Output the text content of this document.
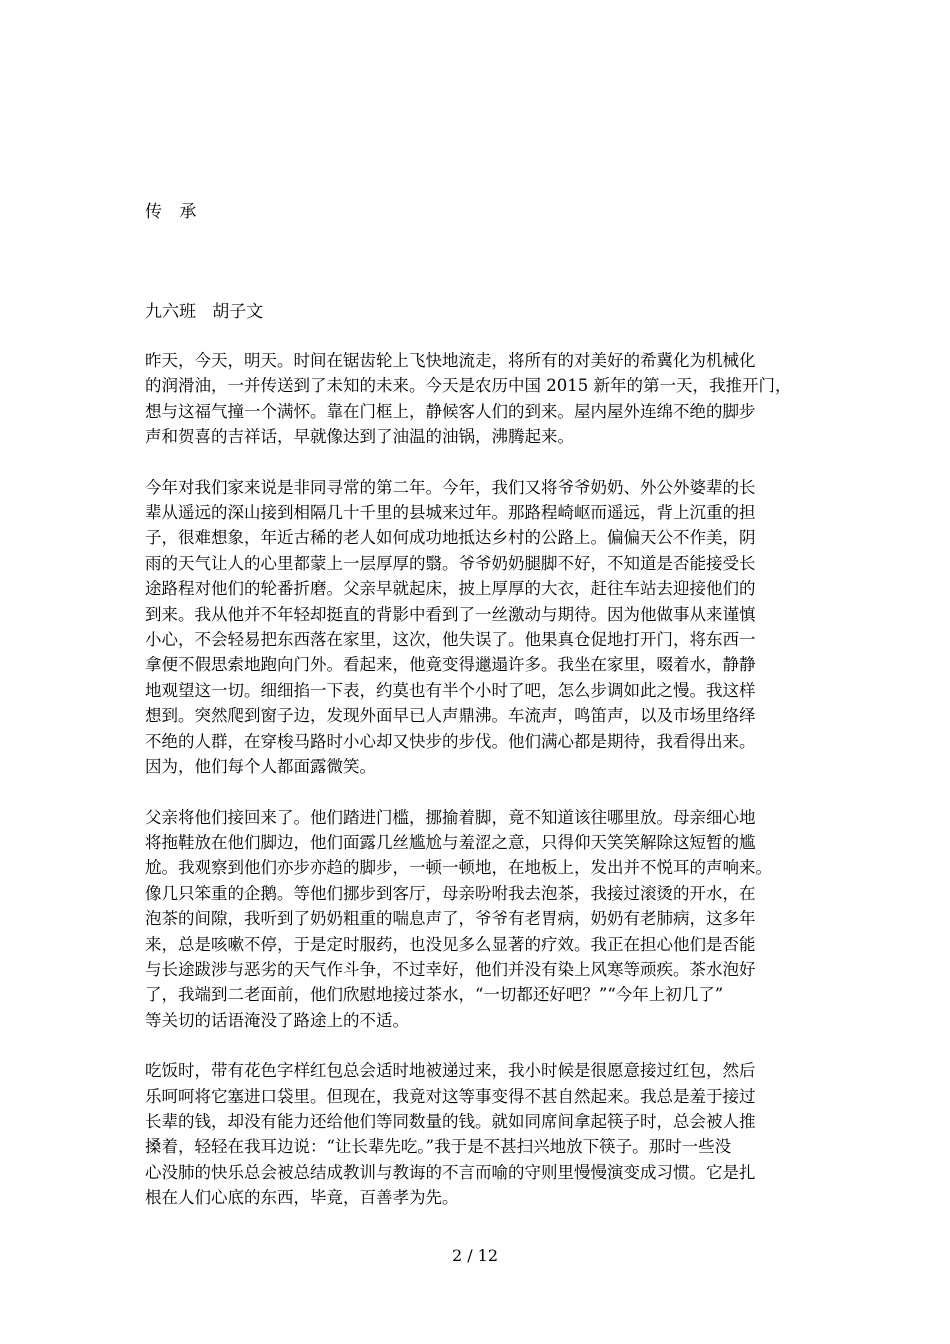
传 承
九六班   胡子文

昨天，今天，明天。时间在锯齿轮上飞快地流走，将所有的对美好的希冀化为机械化
的润滑油，一并传送到了未知的未来。今天是农历中国 2015 新年的第一天，我推开门，
想与这福气撞一个满怀。靠在门框上，静候客人们的到来。屋内屋外连绵不绝的脚步
声和贺喜的吉祥话，早就像达到了油温的油锅，沸腾起来。

今年对我们家来说是非同寻常的第二年。今年，我们又将爷爷奶奶、外公外婆辈的长
辈从遥远的深山接到相隔几十千里的县城来过年。那路程崎岖而遥远，背上沉重的担
子，很难想象，年近古稀的老人如何成功地抵达乡村的公路上。偏偏天公不作美，阴
雨的天气让人的心里都蒙上一层厚厚的翳。爷爷奶奶腿脚不好，不知道是否能接受长
途路程对他们的轮番折磨。父亲早就起床，披上厚厚的大衣，赶往车站去迎接他们的
到来。我从他并不年轻却挺直的背影中看到了一丝激动与期待。因为他做事从来谨慎
小心，不会轻易把东西落在家里，这次，他失误了。他果真仓促地打开门，将东西一
拿便不假思索地跑向门外。看起来，他竟变得邋遢许多。我坐在家里，啜着水，静静
地观望这一切。细细掐一下表，约莫也有半个小时了吧，怎么步调如此之慢。我这样
想到。突然爬到窗子边，发现外面早已人声鼎沸。车流声，鸣笛声，以及市场里络绎
不绝的人群，在穿梭马路时小心却又快步的步伐。他们满心都是期待，我看得出来。
因为，他们每个人都面露微笑。

父亲将他们接回来了。他们踏进门槛，挪揄着脚，竟不知道该往哪里放。母亲细心地
将拖鞋放在他们脚边，他们面露几丝尴尬与羞涩之意，只得仰天笑笑解除这短暂的尴
尬。我观察到他们亦步亦趋的脚步，一顿一顿地，在地板上，发出并不悦耳的声响来。
像几只笨重的企鹅。等他们挪步到客厅，母亲吩咐我去泡茶，我接过滚烫的开水，在
泡茶的间隙，我听到了奶奶粗重的喘息声了，爷爷有老胃病，奶奶有老肺病，这多年
来，总是咳嗽不停，于是定时服药，也没见多么显著的疗效。我正在担心他们是否能
与长途跋涉与恶劣的天气作斗争，不过幸好，他们并没有染上风寒等顽疾。茶水泡好
了，我端到二老面前，他们欣慰地接过茶水，“一切都还好吧？”“今年上初几了”
等关切的话语淹没了路途上的不适。

吃饭时，带有花色字样红包总会适时地被递过来，我小时候是很愿意接过红包，然后
乐呵呵将它塞进口袋里。但现在，我竟对这等事变得不甚自然起来。我总是羞于接过
长辈的钱，却没有能力还给他们等同数量的钱。就如同席间拿起筷子时，总会被人推
搡着，轻轻在我耳边说：“让长辈先吃。”我于是不甚扫兴地放下筷子。那时一些没
心没肺的快乐总会被总结成教训与教诲的不言而喻的守则里慢慢演变成习惯。它是扎
根在人们心底的东西，毕竟，百善孝为先。

2 / 12
